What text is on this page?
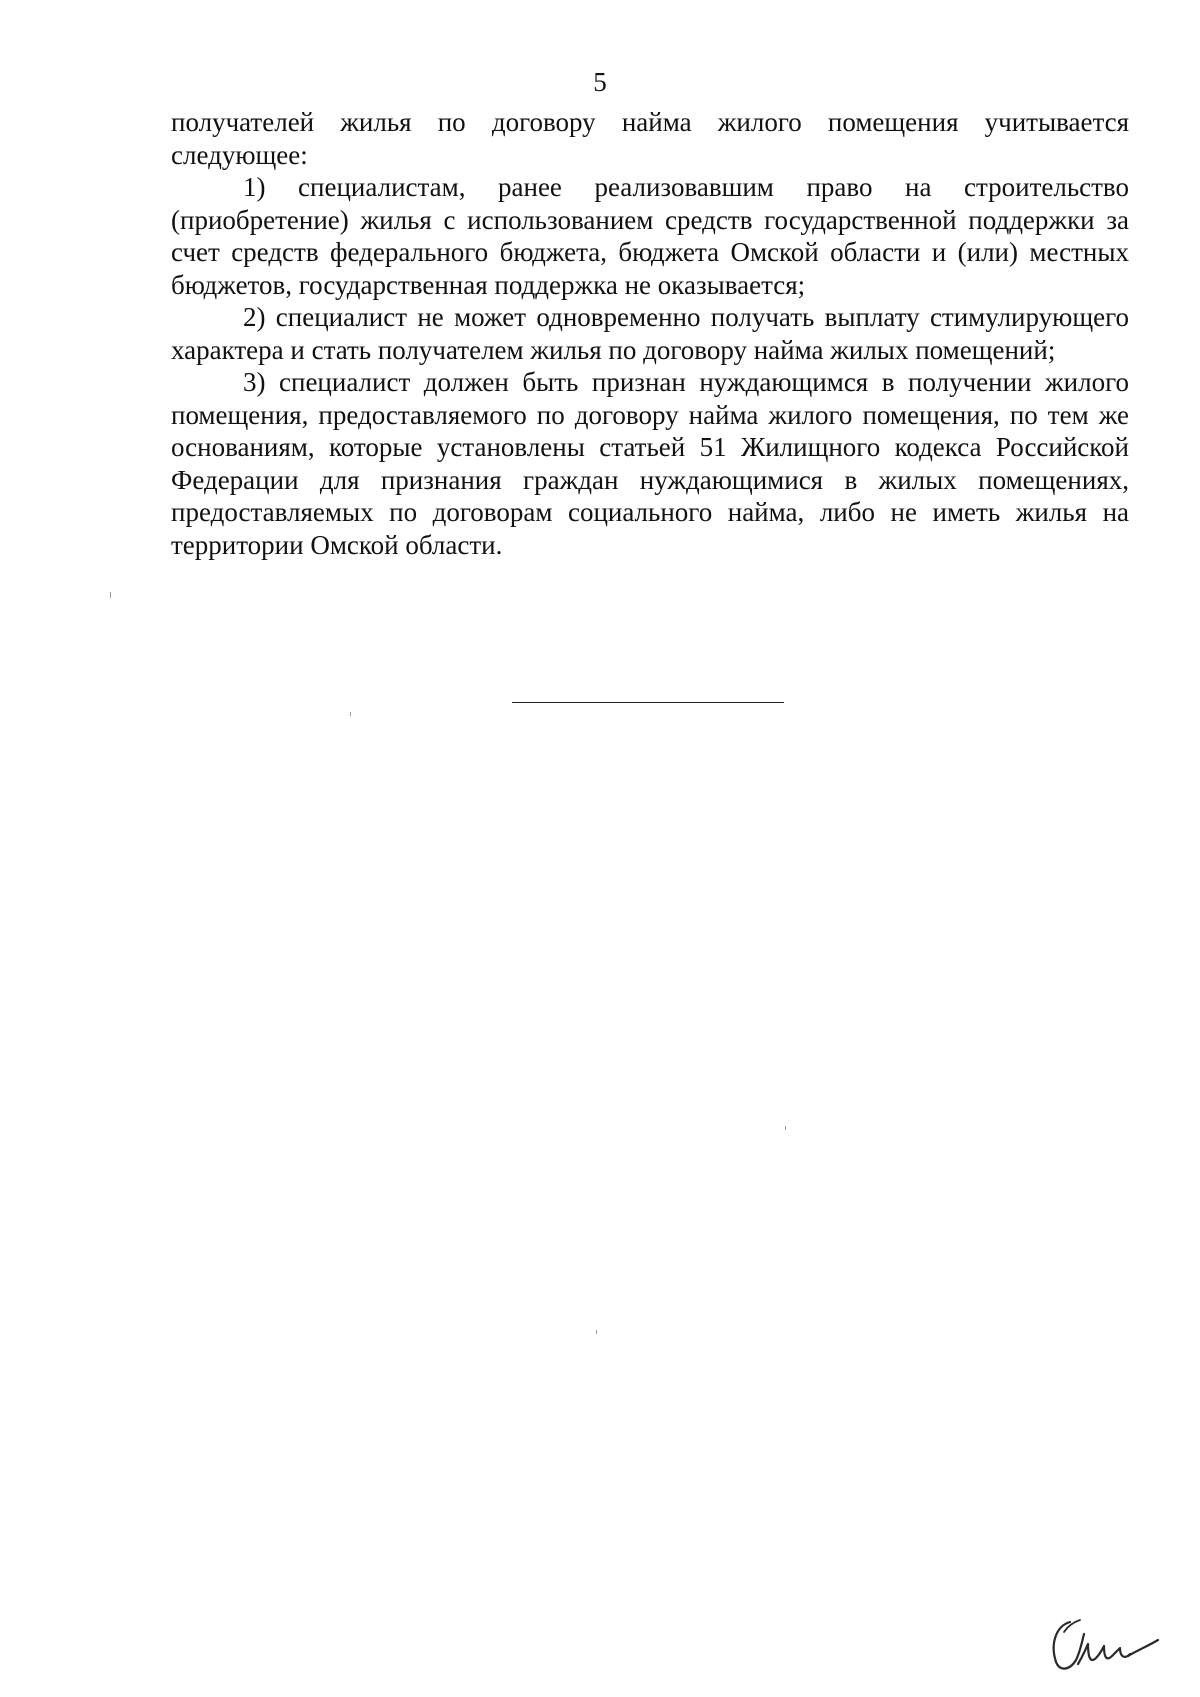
5

получателей жилья по договору найма жилого помещения учитывается следующее:

1) специалистам, ранее реализовавшим право на строительство (приобретение) жилья с использованием средств государственной поддержки за счет средств федерального бюджета, бюджета Омской области и (или) местных бюджетов, государственная поддержка не оказывается;

2) специалист не может одновременно получать выплату стимулирующего характера и стать получателем жилья по договору найма жилых помещений;

3) специалист должен быть признан нуждающимся в получении жилого помещения, предоставляемого по договору найма жилого помещения, по тем же основаниям, которые установлены статьей 51 Жилищного кодекса Российской Федерации для признания граждан нуждающимися в жилых помещениях, предоставляемых по договорам социального найма, либо не иметь жилья на территории Омской области.
